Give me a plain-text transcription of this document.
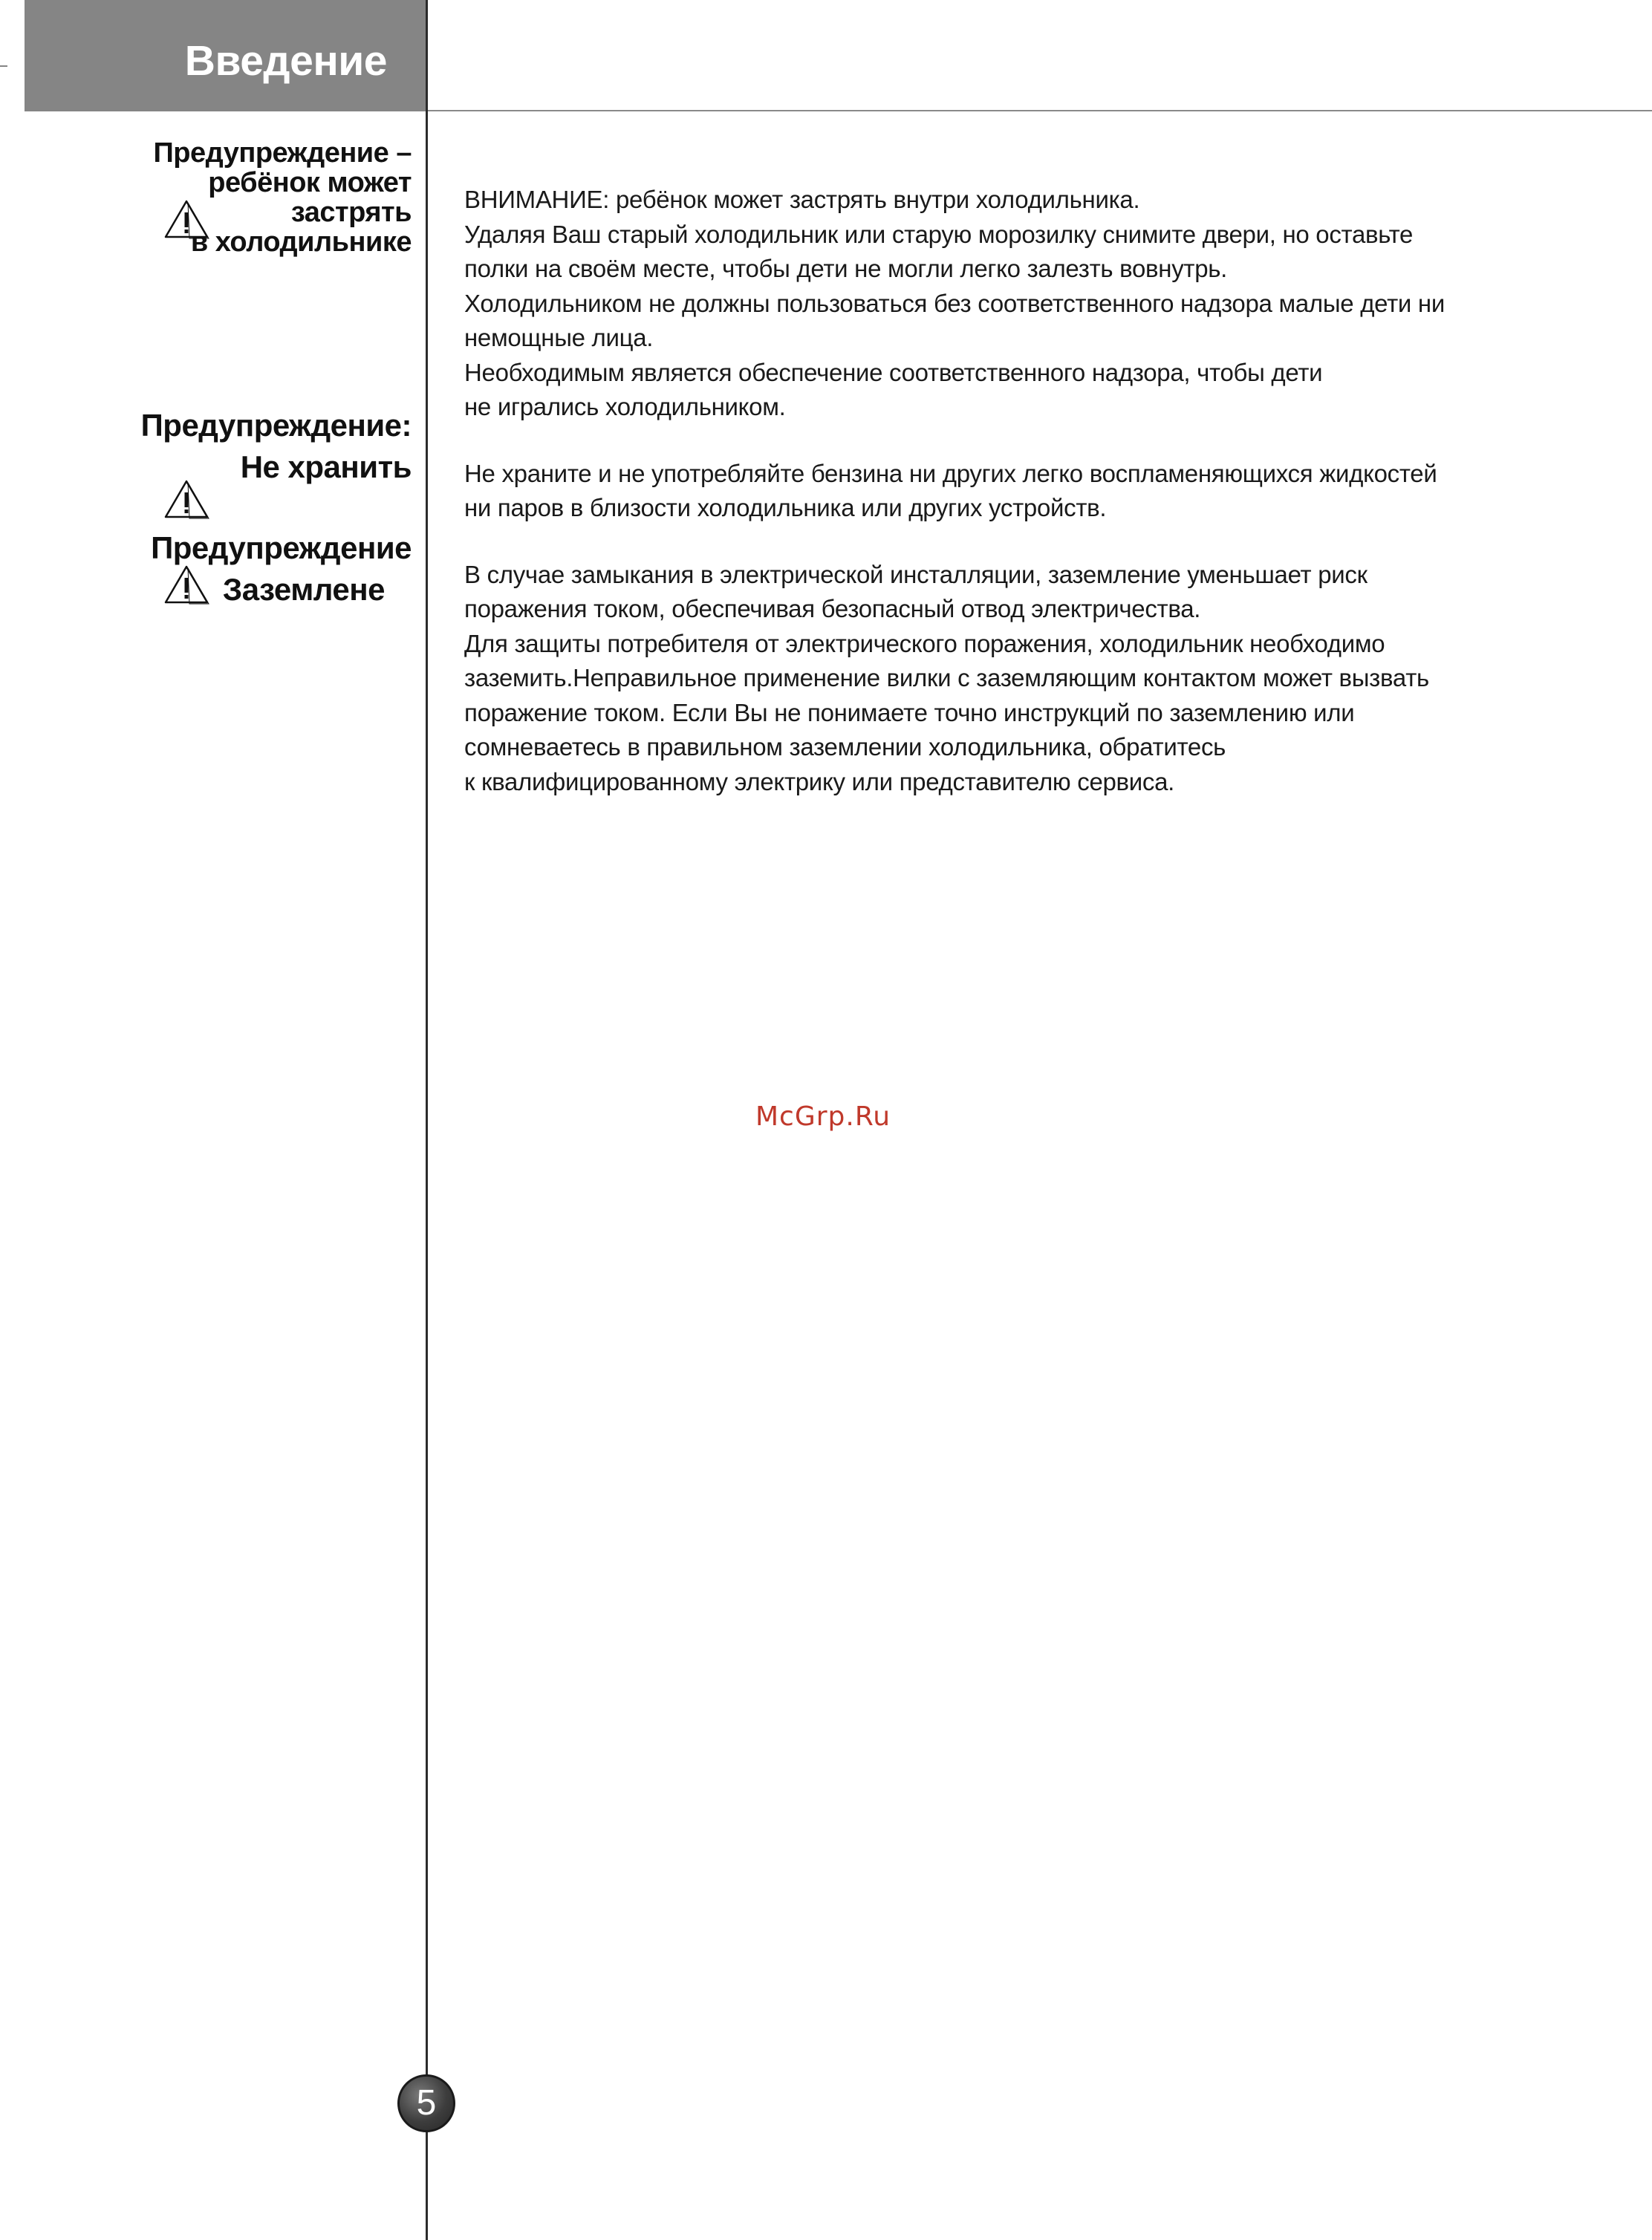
Введение
Предупреждение –
ребёнок может
застрять
в холодильнике
Предупреждение:
Не хранить
Предупреждение
Заземлене

ВНИМАНИЕ: ребёнок может застрять внутри холодильника.

Удаляя Ваш старый холодильник или старую морозилку снимите двери, но оставьте

полки на своём месте, чтобы дети не могли легко залезть вовнутрь.

Холодильником не должны пользоваться без соответственного надзора малые дети ни

немощные лица.

Необходимым является обеспечение соответственного надзора, чтобы дети

не игрались холодильником.

Не храните и не употребляйте бензина ни других легко воспламеняющихся жидкостей

ни паров в близости холодильника или других устройств.

В случае замыкания в электрической инсталляции, заземление уменьшает риск

поражения током, обеспечивая безопасный отвод электричества.

Для защиты потребителя от электрического поражения, холодильник необходимо

заземить.Неправильное применение вилки с заземляющим контактом может вызвать

поражение током. Если Вы не понимаете точно инструкций по заземлению или

сомневаетесь в правильном заземлении холодильника, обратитесь

к квалифицированному электрику или представителю сервиса.

McGrp.Ru
5
